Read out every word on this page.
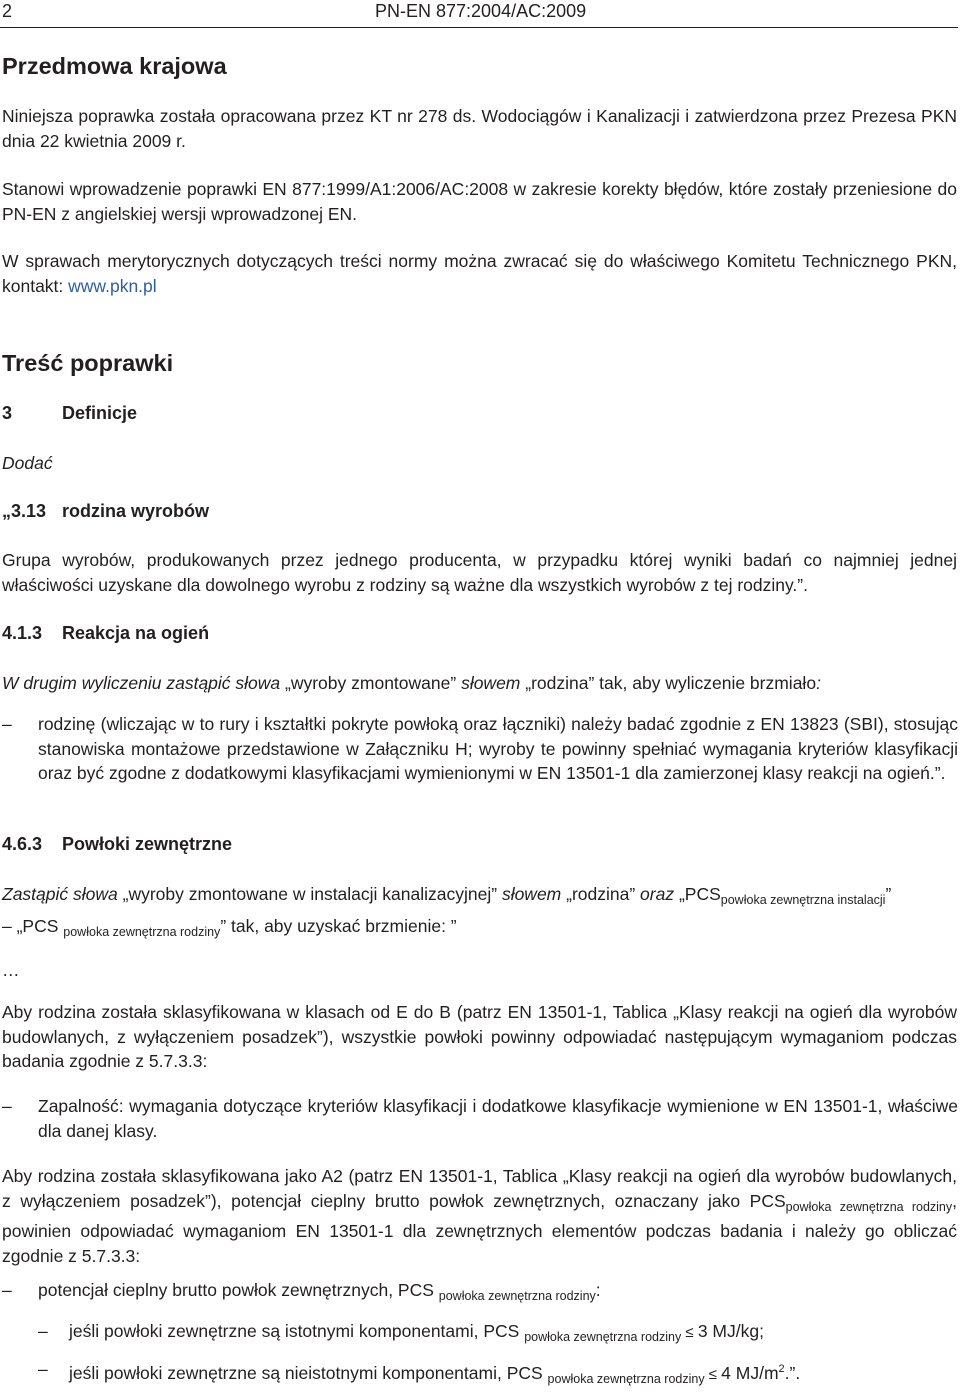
2	PN-EN 877:2004/AC:2009
Przedmowa krajowa
Niniejsza poprawka została opracowana przez KT nr 278 ds. Wodociągów i Kanalizacji i zatwierdzona przez Prezesa PKN dnia 22 kwietnia 2009 r.
Stanowi wprowadzenie poprawki EN 877:1999/A1:2006/AC:2008 w zakresie korekty błędów, które zostały przeniesione do PN-EN z angielskiej wersji wprowadzonej EN.
W sprawach merytorycznych dotyczących treści normy można zwracać się do właściwego Komitetu Technicznego PKN, kontakt: www.pkn.pl
Treść poprawki
3	Definicje
Dodać
„3.13 rodzina wyrobów
Grupa wyrobów, produkowanych przez jednego producenta, w przypadku której wyniki badań co najmniej jednej właściwości uzyskane dla dowolnego wyrobu z rodziny są ważne dla wszystkich wyrobów z tej rodziny.”.
4.1.3 Reakcja na ogień
W drugim wyliczeniu zastąpić słowa „wyroby zmontowane” słowem „rodzina” tak, aby wyliczenie brzmiało:
– rodzinę (wliczając w to rury i kształtki pokryte powłoką oraz łączniki) należy badać zgodnie z EN 13823 (SBI), stosując stanowiska montażowe przedstawione w Załączniku H; wyroby te powinny spełniać wymagania kryteriów klasyfikacji oraz być zgodne z dodatkowymi klasyfikacjami wymienionymi w EN 13501-1 dla zamierzonej klasy reakcji na ogień.”.
4.6.3 Powłoki zewnętrzne
Zastąpić słowa „wyroby zmontowane w instalacji kanalizacyjnej” słowem „rodzina” oraz $„PCS_{powłoka zewnętrzna instalacji}$”
– „PCS $_{powłoka zewnętrzna rodziny}$” tak, aby uzyskać brzmienie: ”
…
Aby rodzina została sklasyfikowana w klasach od E do B (patrz EN 13501-1, Tablica „Klasy reakcji na ogień dla wyrobów budowlanych, z wyłączeniem posadzek”), wszystkie powłoki powinny odpowiadać następującym wymaganiom podczas badania zgodnie z 5.7.3.3:
– Zapalność: wymagania dotyczące kryteriów klasyfikacji i dodatkowe klasyfikacje wymienione w EN 13501-1, właściwe dla danej klasy.
Aby rodzina została sklasyfikowana jako A2 (patrz EN 13501-1, Tablica „Klasy reakcji na ogień dla wyrobów budowlanych, z wyłączeniem posadzek”), potencjał cieplny brutto powłok zewnętrznych, oznaczany jako $PCS_{powłoka zewnętrzna rodziny}$, powinien odpowiadać wymaganiom EN 13501-1 dla zewnętrznych elementów podczas badania i należy go obliczać zgodnie z 5.7.3.3:
– potencjał cieplny brutto powłok zewnętrznych, PCS $_{powłoka zewnętrzna rodziny}$:
– jeśli powłoki zewnętrzne są istotnymi komponentami, PCS $_{powłoka zewnętrzna rodziny}$ ≤ 3 MJ/kg;
– jeśli powłoki zewnętrzne są nieistotnymi komponentami, PCS $_{powłoka zewnętrzna rodziny}$ ≤ 4 $MJ/m^2$.”.
